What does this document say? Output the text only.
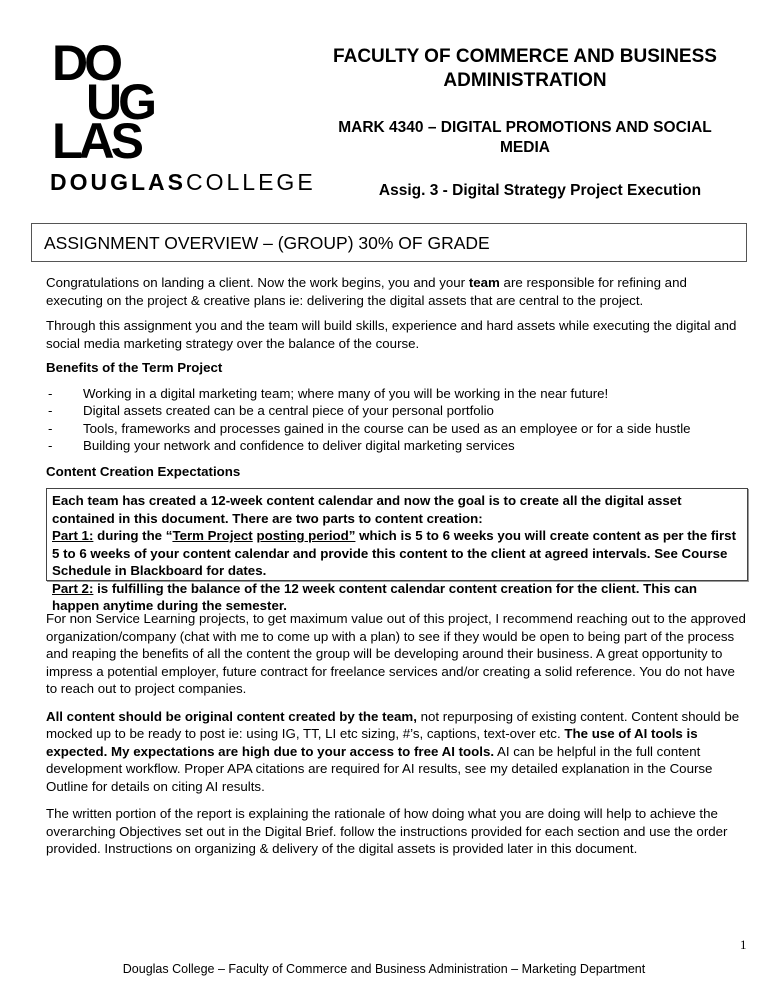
DO
UG
LAS
DOUGLASCOLLEGE
FACULTY OF COMMERCE AND BUSINESS ADMINISTRATION
MARK 4340 – DIGITAL PROMOTIONS AND SOCIAL MEDIA
Assig. 3 - Digital Strategy Project Execution
ASSIGNMENT OVERVIEW – (GROUP) 30% OF GRADE

Congratulations on landing a client. Now the work begins, you and your team are responsible for refining and executing on the project & creative plans ie: delivering the digital assets that are central to the project.

Through this assignment you and the team will build skills, experience and hard assets while executing the digital and social media marketing strategy over the balance of the course.

Benefits of the Term Project

- Working in a digital marketing team; where many of you will be working in the near future!
- Digital assets created can be a central piece of your personal portfolio
- Tools, frameworks and processes gained in the course can be used as an employee or for a side hustle
- Building your network and confidence to deliver digital marketing services

Content Creation Expectations

Each team has created a 12-week content calendar and now the goal is to create all the digital asset contained in this document. There are two parts to content creation:
Part 1: during the “Term Project posting period” which is 5 to 6 weeks you will create content as per the first 5 to 6 weeks of your content calendar and provide this content to the client at agreed intervals. See Course Schedule in Blackboard for dates.
Part 2: is fulfilling the balance of the 12 week content calendar content creation for the client. This can happen anytime during the semester.

For non Service Learning projects, to get maximum value out of this project, I recommend reaching out to the approved organization/company (chat with me to come up with a plan) to see if they would be open to being part of the process and reaping the benefits of all the content the group will be developing around their business. A great opportunity to impress a potential employer, future contract for freelance services and/or creating a solid reference. You do not have to reach out to project companies.

All content should be original content created by the team, not repurposing of existing content. Content should be mocked up to be ready to post ie: using IG, TT, LI etc sizing, #’s, captions, text-over etc. The use of AI tools is expected. My expectations are high due to your access to free AI tools. AI can be helpful in the full content development workflow. Proper APA citations are required for AI results, see my detailed explanation in the Course Outline for details on citing AI results.

The written portion of the report is explaining the rationale of how doing what you are doing will help to achieve the overarching Objectives set out in the Digital Brief. follow the instructions provided for each section and use the order provided. Instructions on organizing & delivery of the digital assets is provided later in this document.

1
Douglas College – Faculty of Commerce and Business Administration – Marketing Department
